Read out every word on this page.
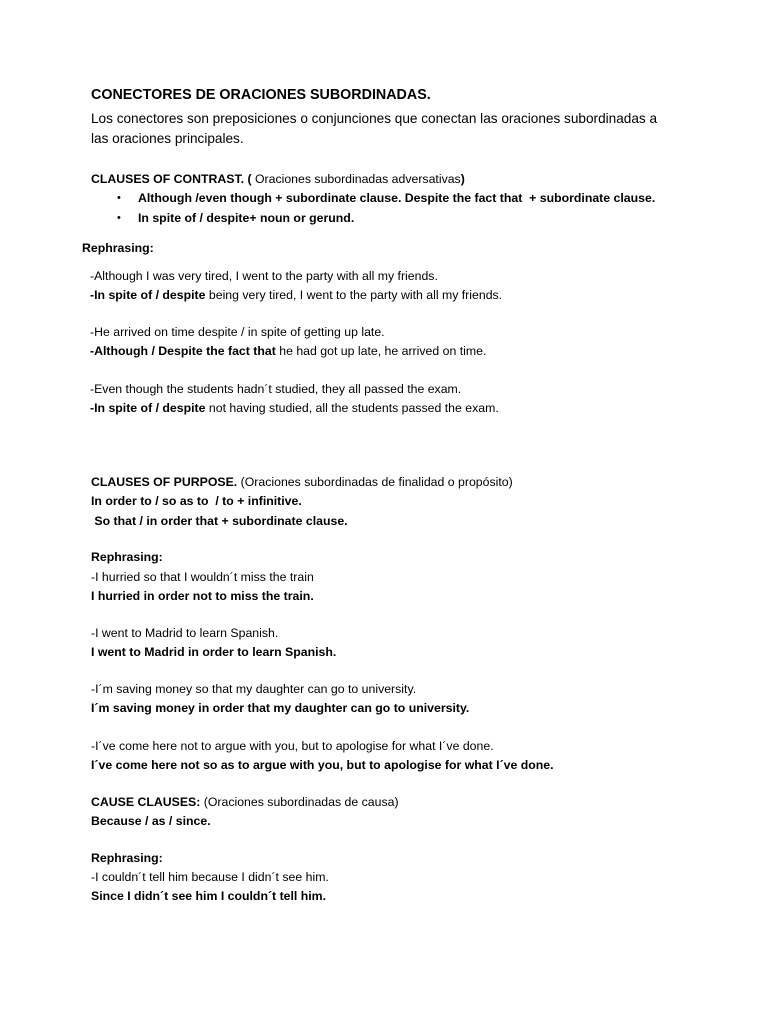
CONECTORES DE ORACIONES SUBORDINADAS.
Los conectores son preposiciones o conjunciones que conectan las oraciones subordinadas a
las oraciones principales.
CLAUSES OF CONTRAST. ( Oraciones subordinadas adversativas)
• Although /even though + subordinate clause. Despite the fact that  + subordinate clause.
• In spite of / despite+ noun or gerund.
Rephrasing:
-Although I was very tired, I went to the party with all my friends.
-In spite of / despite being very tired, I went to the party with all my friends.
-He arrived on time despite / in spite of getting up late.
-Although / Despite the fact that he had got up late, he arrived on time.
-Even though the students hadn´t studied, they all passed the exam.
-In spite of / despite not having studied, all the students passed the exam.
CLAUSES OF PURPOSE. (Oraciones subordinadas de finalidad o propósito)
In order to / so as to  / to + infinitive.
So that / in order that + subordinate clause.
Rephrasing:
-I hurried so that I wouldn´t miss the train
I hurried in order not to miss the train.
-I went to Madrid to learn Spanish.
I went to Madrid in order to learn Spanish.
-I´m saving money so that my daughter can go to university.
I´m saving money in order that my daughter can go to university.
-I´ve come here not to argue with you, but to apologise for what I´ve done.
I´ve come here not so as to argue with you, but to apologise for what I´ve done.
CAUSE CLAUSES: (Oraciones subordinadas de causa)
Because / as / since.
Rephrasing:
-I couldn´t tell him because I didn´t see him.
Since I didn´t see him I couldn´t tell him.
